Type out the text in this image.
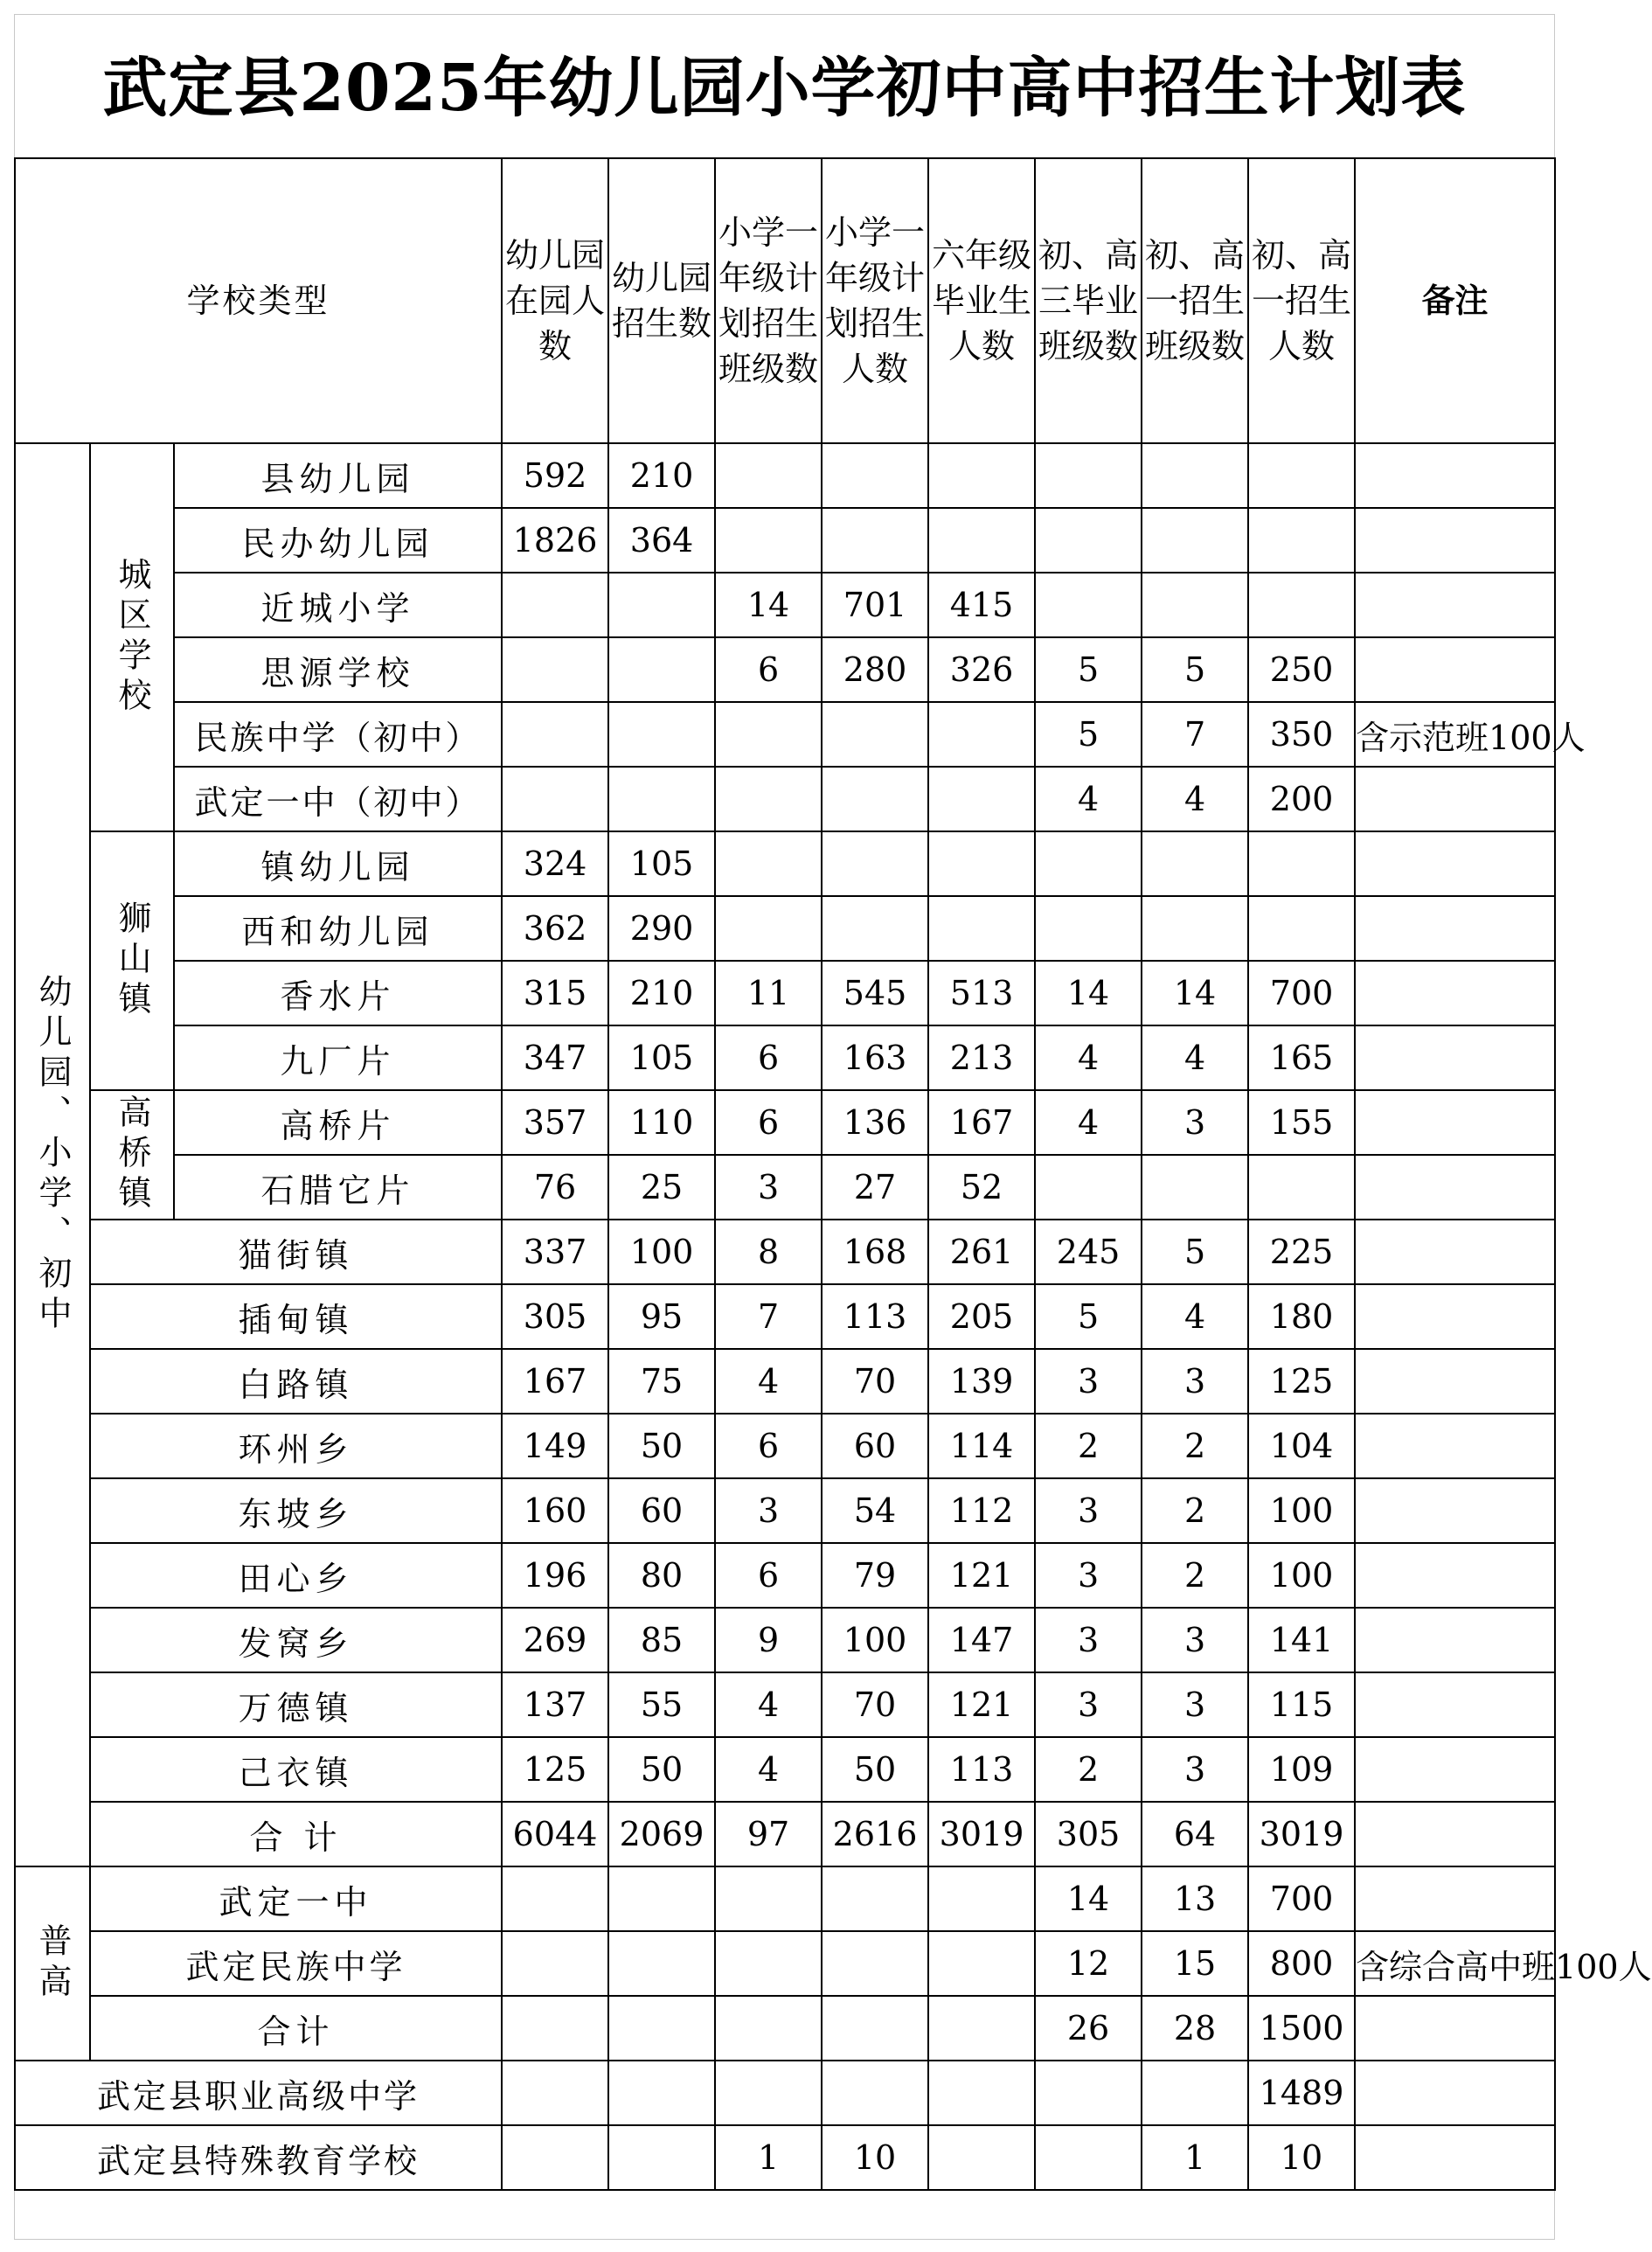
武定县2025年幼儿园小学初中高中招生计划表
学校类型			幼儿园在园人数	幼儿园招生数	小学一年级计划招生班级数	小学一年级计划招生人数	六年级毕业生人数	初、高三毕业班级数	初、高一招生班级数	初、高一招生人数	备注
幼儿园、小学、初中	城区学校	县幼儿园	592	210							
		民办幼儿园	1826	364							
		近城小学			14	701	415				
		思源学校			6	280	326	5	5	250	
		民族中学（初中）						5	7	350	含示范班100人
		武定一中（初中）						4	4	200	
	狮山镇	镇幼儿园	324	105							
		西和幼儿园	362	290							
		香水片	315	210	11	545	513	14	14	700	
		九厂片	347	105	6	163	213	4	4	165	
	高桥镇	高桥片	357	110	6	136	167	4	3	155	
		石腊它片	76	25	3	27	52				
	猫街镇		337	100	8	168	261	245	5	225	
	插甸镇		305	95	7	113	205	5	4	180	
	白路镇		167	75	4	70	139	3	3	125	
	环州乡		149	50	6	60	114	2	2	104	
	东坡乡		160	60	3	54	112	3	2	100	
	田心乡		196	80	6	79	121	3	2	100	
	发窝乡		269	85	9	100	147	3	3	141	
	万德镇		137	55	4	70	121	3	3	115	
	己衣镇		125	50	4	50	113	2	3	109	
	合 计		6044	2069	97	2616	3019	305	64	3019	
普高	武定一中							14	13	700	
	武定民族中学							12	15	800	含综合高中班100人
	合计							26	28	1500	
武定县职业高级中学										1489	
武定县特殊教育学校					1	10			1	10	
